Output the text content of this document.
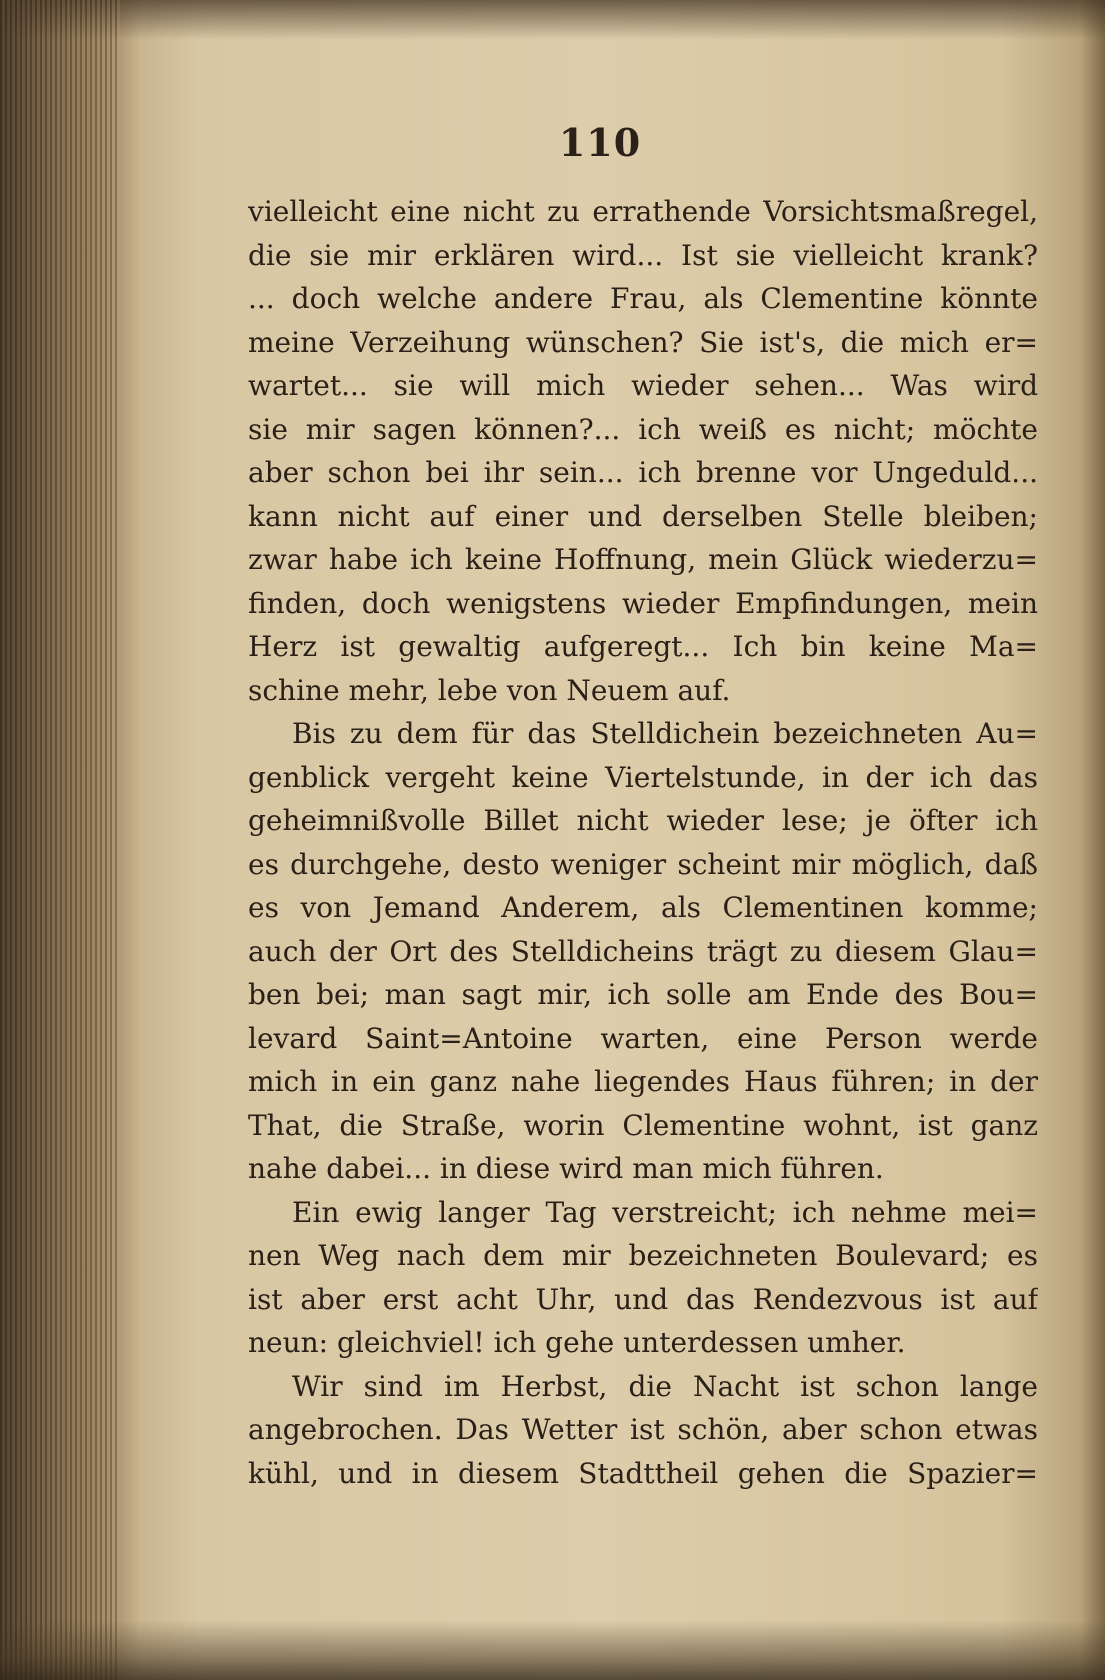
110
vielleicht eine nicht zu errathende Vorsichtsmaßregel,
die sie mir erklären wird... Ist sie vielleicht krank?
... doch welche andere Frau, als Clementine könnte
meine Verzeihung wünschen? Sie ist's, die mich er=
wartet... sie will mich wieder sehen... Was wird
sie mir sagen können?... ich weiß es nicht; möchte
aber schon bei ihr sein... ich brenne vor Ungeduld...
kann nicht auf einer und derselben Stelle bleiben;
zwar habe ich keine Hoffnung, mein Glück wiederzu=
finden, doch wenigstens wieder Empfindungen, mein
Herz ist gewaltig aufgeregt... Ich bin keine Ma=
schine mehr, lebe von Neuem auf.
Bis zu dem für das Stelldichein bezeichneten Au=
genblick vergeht keine Viertelstunde, in der ich das
geheimnißvolle Billet nicht wieder lese; je öfter ich
es durchgehe, desto weniger scheint mir möglich, daß
es von Jemand Anderem, als Clementinen komme;
auch der Ort des Stelldicheins trägt zu diesem Glau=
ben bei; man sagt mir, ich solle am Ende des Bou=
levard Saint=Antoine warten, eine Person werde
mich in ein ganz nahe liegendes Haus führen; in der
That, die Straße, worin Clementine wohnt, ist ganz
nahe dabei... in diese wird man mich führen.
Ein ewig langer Tag verstreicht; ich nehme mei=
nen Weg nach dem mir bezeichneten Boulevard; es
ist aber erst acht Uhr, und das Rendezvous ist auf
neun: gleichviel! ich gehe unterdessen umher.
Wir sind im Herbst, die Nacht ist schon lange
angebrochen. Das Wetter ist schön, aber schon etwas
kühl, und in diesem Stadttheil gehen die Spazier=
